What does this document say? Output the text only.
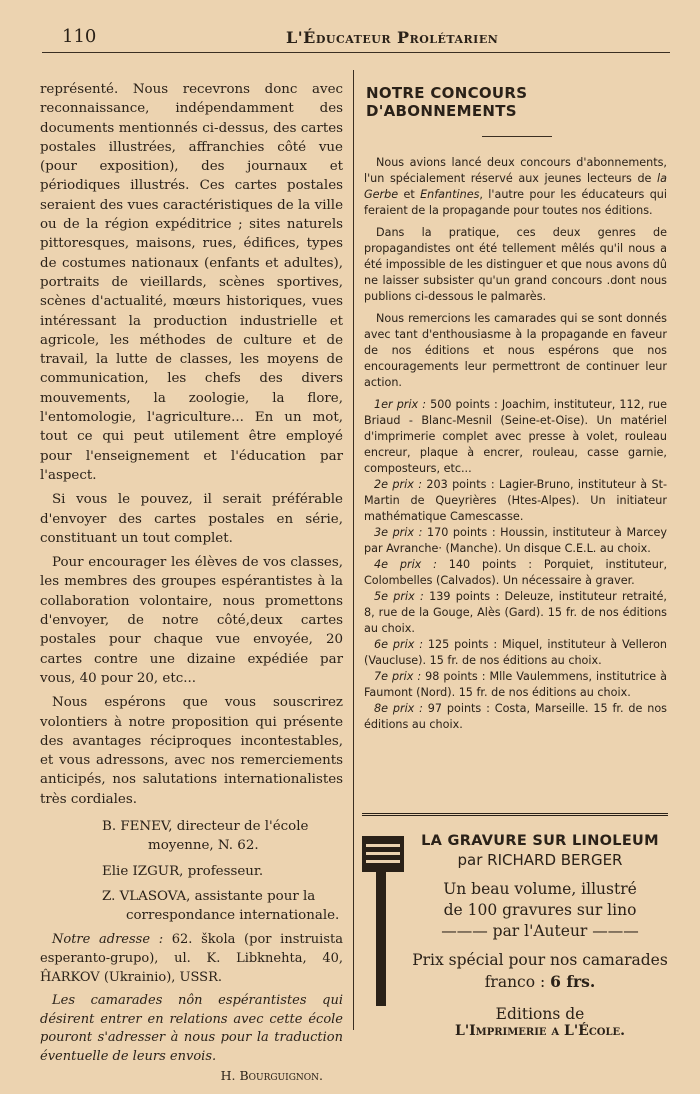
110	L'Éducateur Prolétarien

représenté. Nous recevrons donc avec reconnaissance, indépendamment des documents mentionnés ci-dessus, des cartes postales illustrées, affranchies côté vue (pour exposition), des journaux et périodiques illustrés. Ces cartes postales seraient des vues caractéristiques de la ville ou de la région expéditrice ; sites naturels pittoresques, maisons, rues, édifices, types de costumes nationaux (enfants et adultes), portraits de vieillards, scènes sportives, scènes d'actualité, mœurs historiques, vues intéressant la production industrielle et agricole, les méthodes de culture et de travail, la lutte de classes, les moyens de communication, les chefs des divers mouvements, la zoologie, la flore, l'entomologie, l'agriculture... En un mot, tout ce qui peut utilement être employé pour l'enseignement et l'éducation par l'aspect.

Si vous le pouvez, il serait préférable d'envoyer des cartes postales en série, constituant un tout complet.

Pour encourager les élèves de vos classes, les membres des groupes espérantistes à la collaboration volontaire, nous promettons d'envoyer, de notre côté,deux cartes postales pour chaque vue envoyée, 20 cartes contre une dizaine expédiée par vous, 40 pour 20, etc...

Nous espérons que vous souscrirez volontiers à notre proposition qui présente des avantages réciproques incontestables, et vous adressons, avec nos remerciements anticipés, nos salutations internationalistes très cordiales.

B. FENEV, directeur de l'école

moyenne, N. 62.

Elie IZGUR, professeur.

Z. VLASOVA, assistante pour la

correspondance internationale.

Notre adresse : 62. škola (por instruista esperanto-grupo), ul. K. Libknehta, 40, ĤARKOV (Ukrainio), USSR.

Les camarades nôn espérantistes qui désirent entrer en relations avec cette école pouront s'adresser à nous pour la traduction éventuelle de leurs envois.

H. Bourguignon.

NOTRE CONCOURS D'ABONNEMENTS

Nous avions lancé deux concours d'abonnements, l'un spécialement réservé aux jeunes lecteurs de la Gerbe et Enfantines, l'autre pour les éducateurs qui feraient de la propagande pour toutes nos éditions.

Dans la pratique, ces deux genres de propagandistes ont été tellement mêlés qu'il nous a été impossible de les distinguer et que nous avons dû ne laisser subsister qu'un grand concours .dont nous publions ci-dessous le palmarès.

Nous remercions les camarades qui se sont donnés avec tant d'enthousiasme à la propagande en faveur de nos éditions et nous espérons que nos encouragements leur permettront de continuer leur action.

1er prix : 500 points : Joachim, instituteur, 112, rue Briaud - Blanc-Mesnil (Seine-et-Oise). Un matériel d'imprimerie complet avec presse à volet, rouleau encreur, plaque à encrer, rouleau, casse garnie, composteurs, etc...

2e prix : 203 points : Lagier-Bruno, instituteur à St-Martin de Queyrières (Htes-Alpes). Un initiateur mathématique Camescasse.

3e prix : 170 points : Houssin, instituteur à Marcey par Avranche· (Manche). Un disque C.E.L. au choix.

4e prix : 140 points : Porquiet, instituteur, Colombelles (Calvados). Un nécessaire à graver.

5e prix : 139 points : Deleuze, instituteur retraité, 8, rue de la Gouge, Alès (Gard). 15 fr. de nos éditions au choix.

6e prix : 125 points : Miquel, instituteur à Velleron (Vaucluse). 15 fr. de nos éditions au choix.

7e prix : 98 points : Mlle Vaulemmens, institutrice à Faumont (Nord). 15 fr. de nos éditions au choix.

8e prix : 97 points : Costa, Marseille. 15 fr. de nos éditions au choix.

LA GRAVURE SUR LINOLEUM
par RICHARD BERGER
Un beau volume, illustré
de 100 gravures sur lino
——— par l'Auteur ———
Prix spécial pour nos camarades
franco : 6 frs.
Editions de
L'Imprimerie a L'École.
